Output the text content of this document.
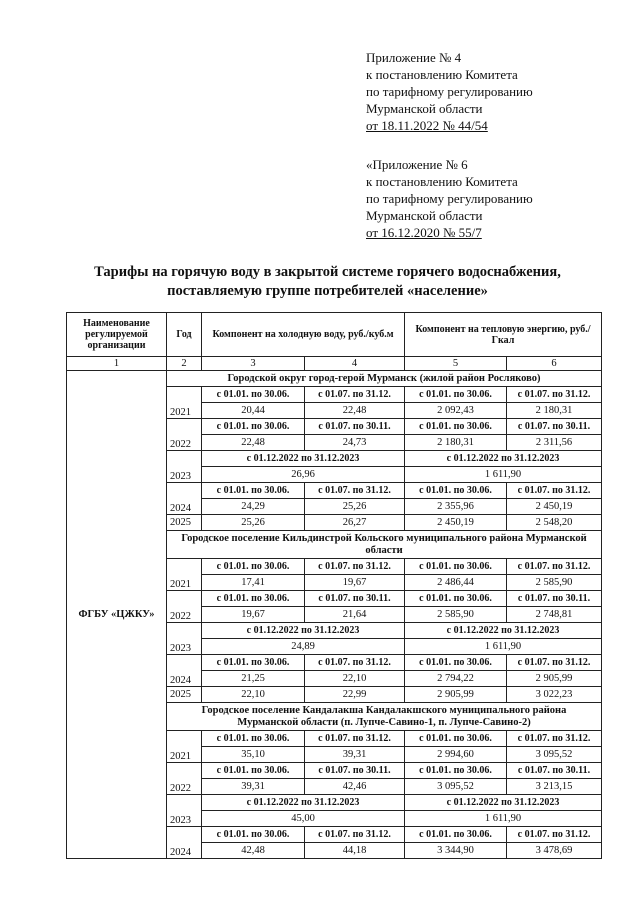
Приложение № 4
к постановлению Комитета
по тарифному регулированию
Мурманской области
от 18.11.2022 № 44/54
«Приложение № 6
к постановлению Комитета
по тарифному регулированию
Мурманской области
от 16.12.2020 № 55/7
Тарифы на горячую воду в закрытой системе горячего водоснабжения,
поставляемую группе потребителей «население»
Наименование регулируемой организации	Год	Компонент на холодную воду, руб./куб.м		Компонент на тепловую энергию, руб./Гкал	
1	2	3	4	5	6
ФГБУ «ЦЖКУ»	Городской округ город-герой Мурманск (жилой район Росляково)				
	2021	с 01.01. по 30.06.	с 01.07. по 31.12.	с 01.01. по 30.06.	с 01.07. по 31.12.
		20,44	22,48	2 092,43	2 180,31
	2022	с 01.01. по 30.06.	с 01.07. по 30.11.	с 01.01. по 30.06.	с 01.07. по 30.11.
		22,48	24,73	2 180,31	2 311,56
	2023	с 01.12.2022 по 31.12.2023		с 01.12.2022 по 31.12.2023	
		26,96		1 611,90	
	2024	с 01.01. по 30.06.	с 01.07. по 31.12.	с 01.01. по 30.06.	с 01.07. по 31.12.
		24,29	25,26	2 355,96	2 450,19
	2025	25,26	26,27	2 450,19	2 548,20
	Городское поселение Кильдинстрой Кольского муниципального района Мурманской области				
	2021	с 01.01. по 30.06.	с 01.07. по 31.12.	с 01.01. по 30.06.	с 01.07. по 31.12.
		17,41	19,67	2 486,44	2 585,90
	2022	с 01.01. по 30.06.	с 01.07. по 30.11.	с 01.01. по 30.06.	с 01.07. по 30.11.
		19,67	21,64	2 585,90	2 748,81
	2023	с 01.12.2022 по 31.12.2023		с 01.12.2022 по 31.12.2023	
		24,89		1 611,90	
	2024	с 01.01. по 30.06.	с 01.07. по 31.12.	с 01.01. по 30.06.	с 01.07. по 31.12.
		21,25	22,10	2 794,22	2 905,99
	2025	22,10	22,99	2 905,99	3 022,23
	Городское поселение Кандалакша Кандалакшского муниципального района Мурманской области (п. Лупче-Савино-1, п. Лупче-Савино-2)				
	2021	с 01.01. по 30.06.	с 01.07. по 31.12.	с 01.01. по 30.06.	с 01.07. по 31.12.
		35,10	39,31	2 994,60	3 095,52
	2022	с 01.01. по 30.06.	с 01.07. по 30.11.	с 01.01. по 30.06.	с 01.07. по 30.11.
		39,31	42,46	3 095,52	3 213,15
	2023	с 01.12.2022 по 31.12.2023		с 01.12.2022 по 31.12.2023	
		45,00		1 611,90	
	2024	с 01.01. по 30.06.	с 01.07. по 31.12.	с 01.01. по 30.06.	с 01.07. по 31.12.
		42,48	44,18	3 344,90	3 478,69
